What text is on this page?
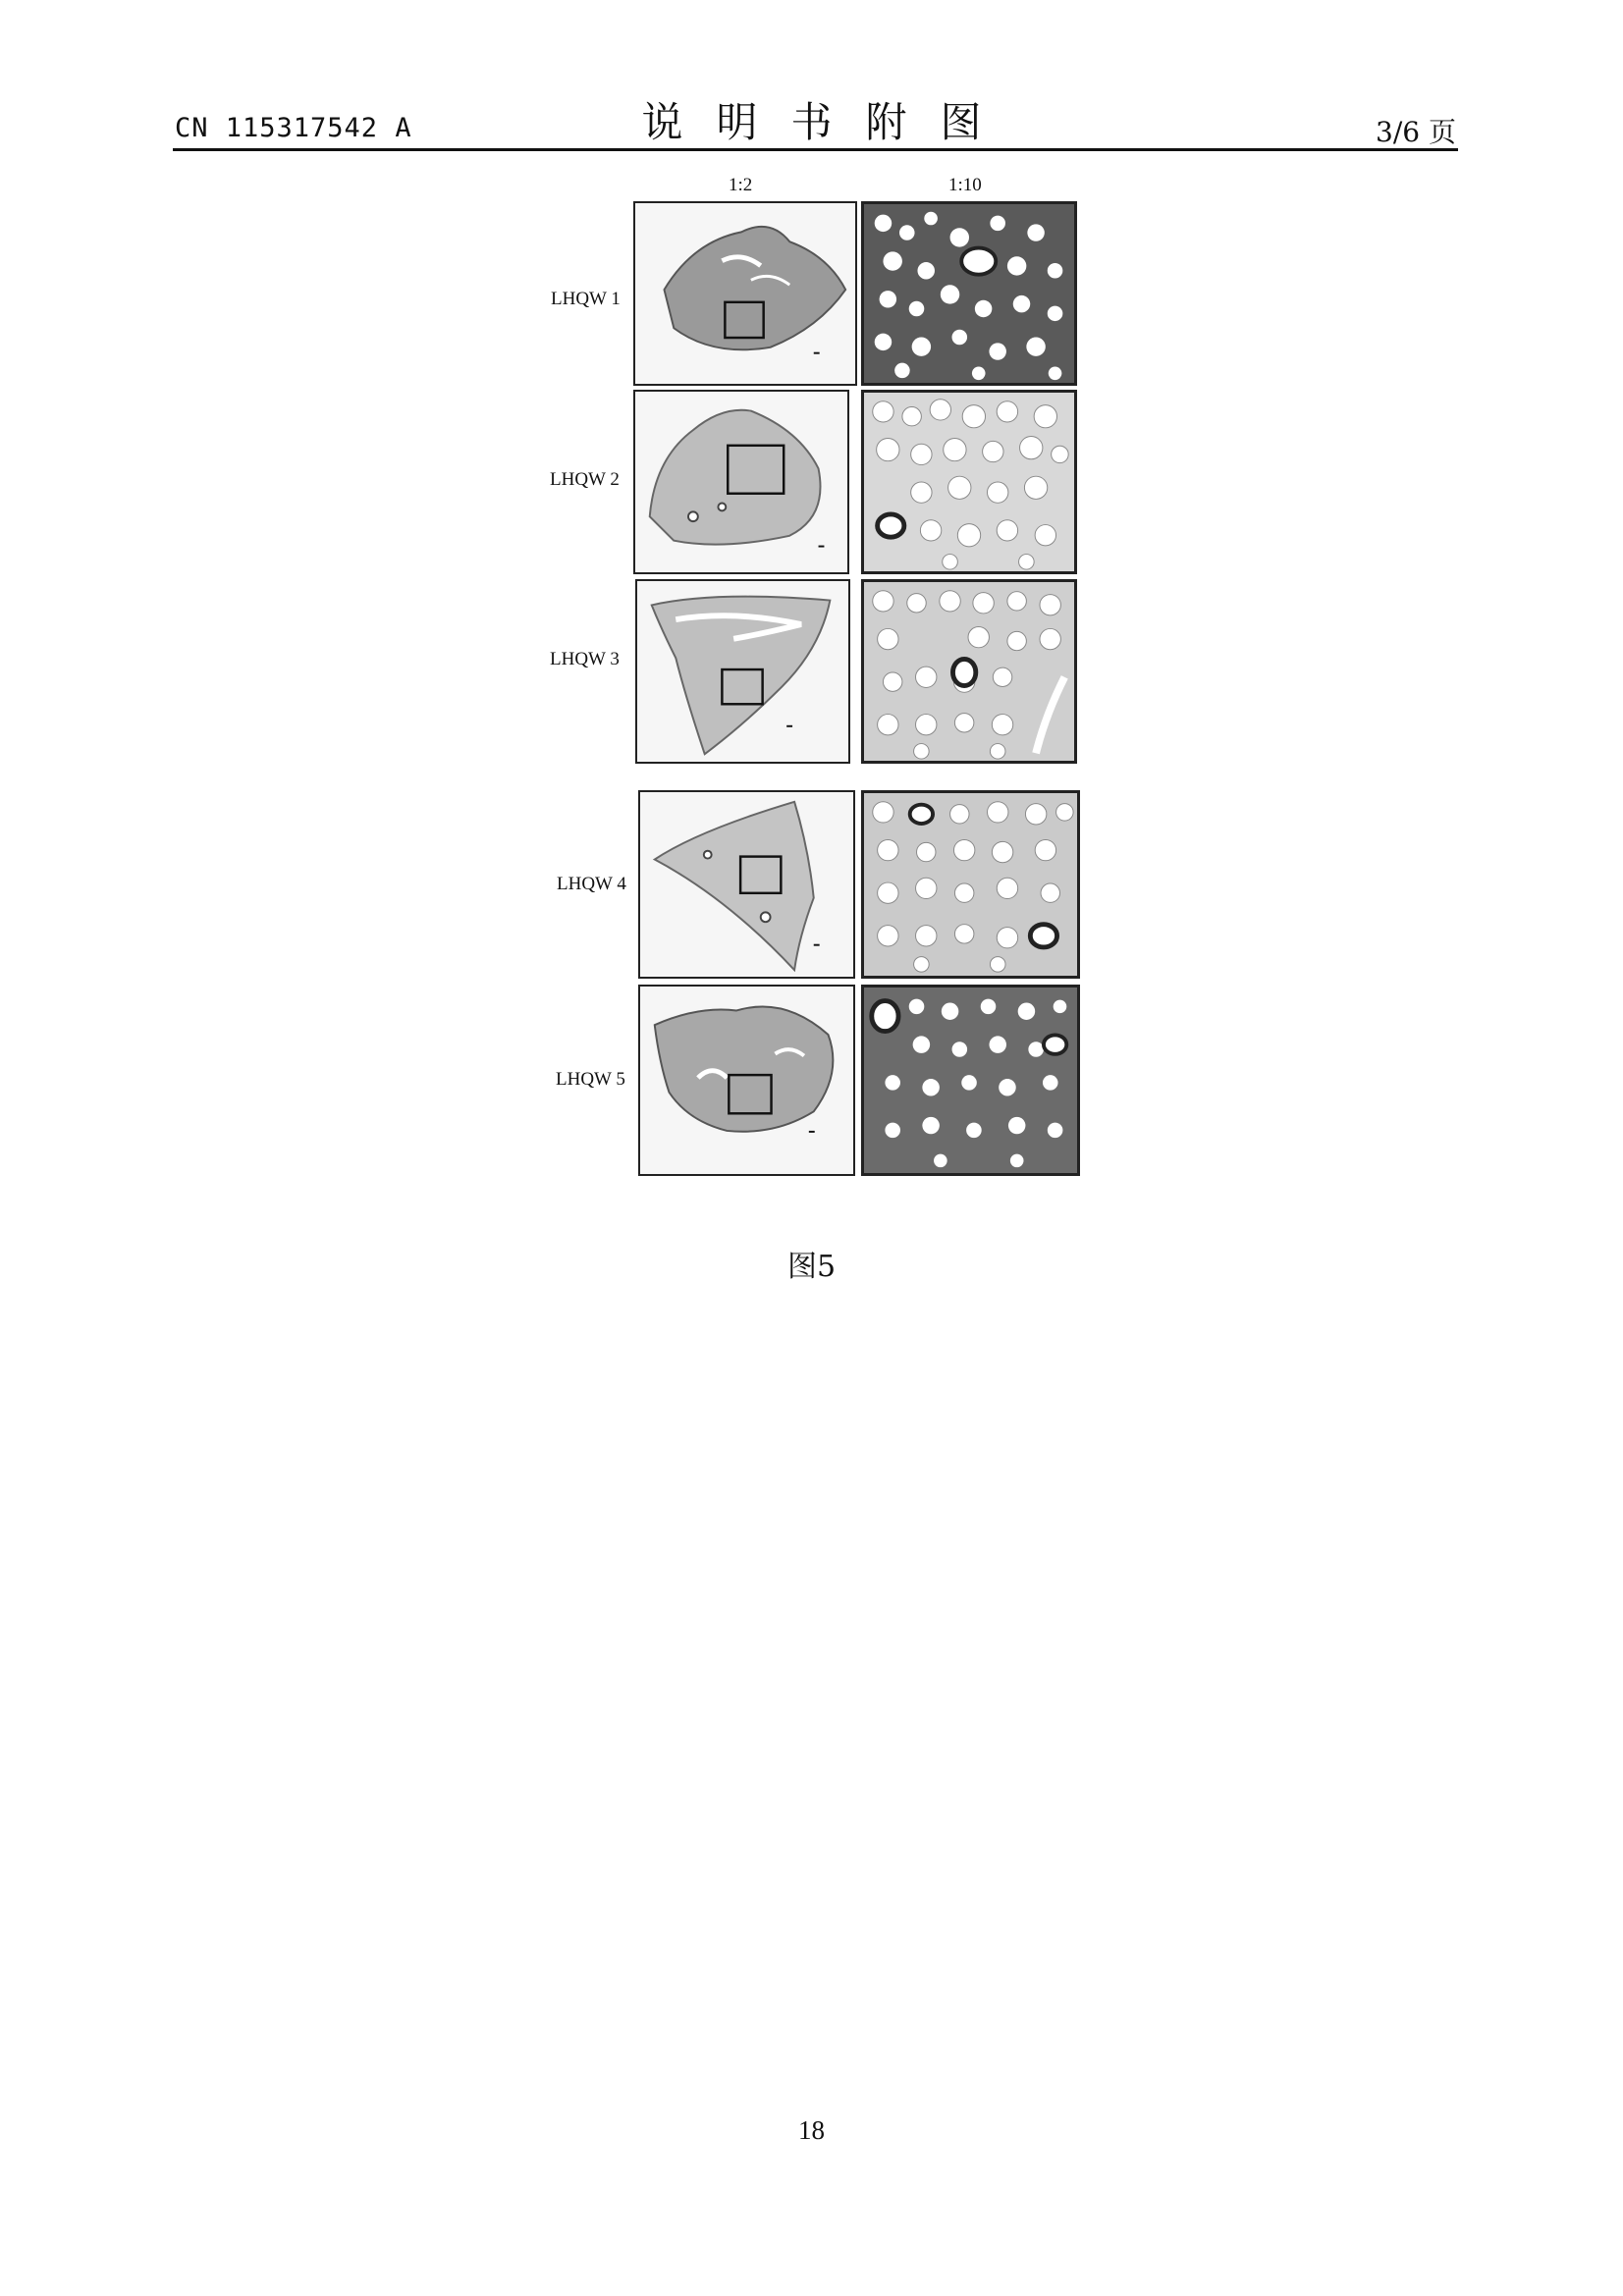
CN 115317542 A	说明书附图	3/6 页
1:2	1:10
LHQW 1
LHQW 2
LHQW 3
LHQW 4
LHQW 5
图5
18
